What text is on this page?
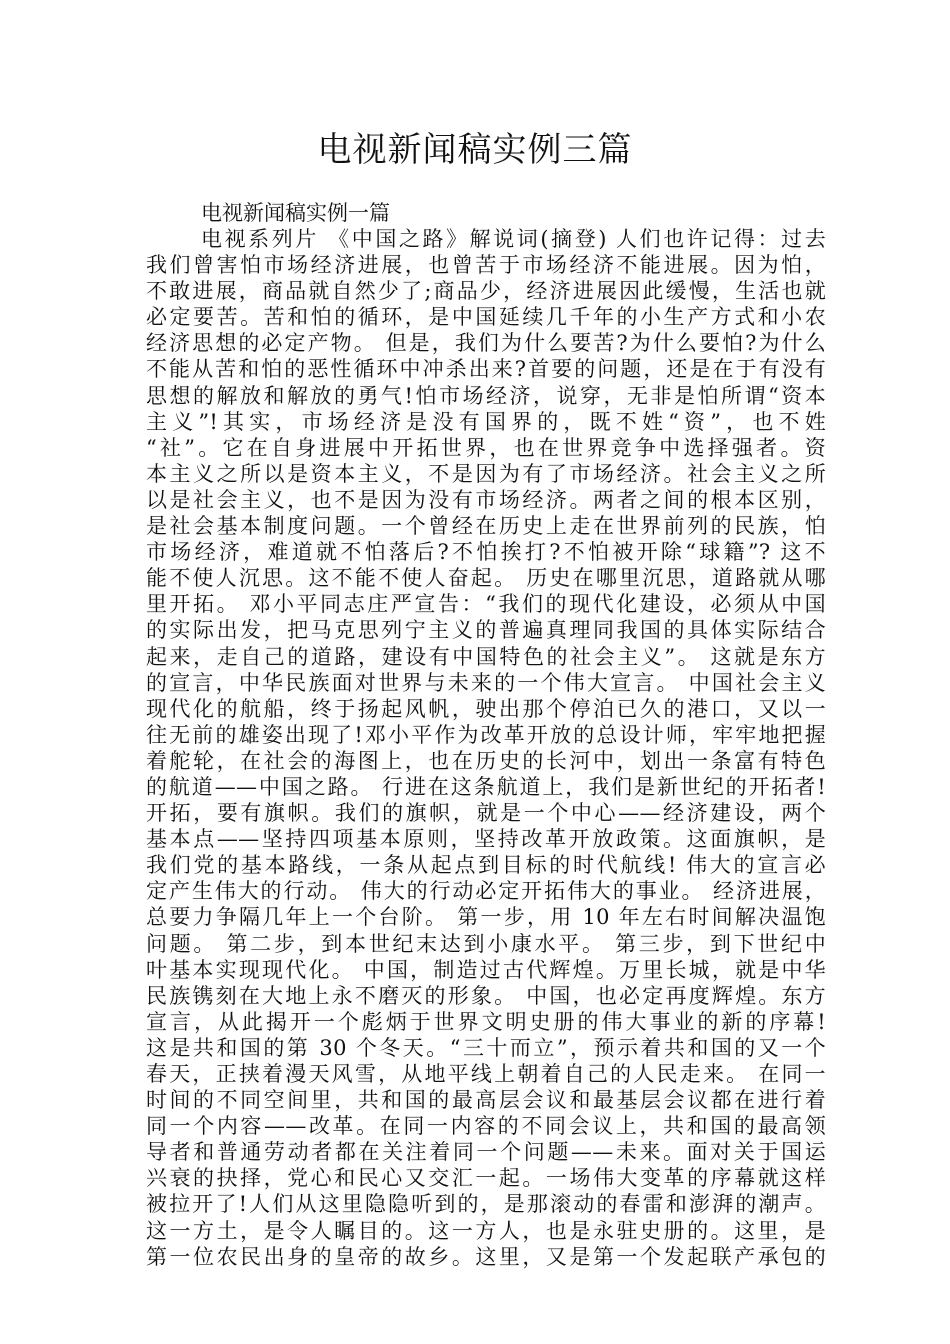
电视新闻稿实例三篇

电视新闻稿实例一篇

电视系列片 《中国之路》解说词(摘登) 人们也许记得：过去
我们曾害怕市场经济进展，也曾苦于市场经济不能进展。因为怕，
不敢进展，商品就自然少了;商品少，经济进展因此缓慢，生活也就
必定要苦。苦和怕的循环，是中国延续几千年的小生产方式和小农
经济思想的必定产物。 但是，我们为什么要苦?为什么要怕?为什么
不能从苦和怕的恶性循环中冲杀出来?首要的问题，还是在于有没有
思想的解放和解放的勇气!怕市场经济，说穿，无非是怕所谓“资本
主义”!其实，市场经济是没有国界的，既不姓“资”，也不姓
“社”。它在自身进展中开拓世界，也在世界竞争中选择强者。资
本主义之所以是资本主义，不是因为有了市场经济。社会主义之所
以是社会主义，也不是因为没有市场经济。两者之间的根本区别，
是社会基本制度问题。一个曾经在历史上走在世界前列的民族，怕
市场经济，难道就不怕落后?不怕挨打?不怕被开除“球籍”? 这不
能不使人沉思。这不能不使人奋起。 历史在哪里沉思，道路就从哪
里开拓。 邓小平同志庄严宣告：“我们的现代化建设，必须从中国
的实际出发，把马克思列宁主义的普遍真理同我国的具体实际结合
起来，走自己的道路，建设有中国特色的社会主义”。 这就是东方
的宣言，中华民族面对世界与未来的一个伟大宣言。 中国社会主义
现代化的航船，终于扬起风帆，驶出那个停泊已久的港口，又以一
往无前的雄姿出现了!邓小平作为改革开放的总设计师，牢牢地把握
着舵轮，在社会的海图上，也在历史的长河中，划出一条富有特色
的航道——中国之路。 行进在这条航道上，我们是新世纪的开拓者!
开拓，要有旗帜。我们的旗帜，就是一个中心——经济建设，两个
基本点——坚持四项基本原则，坚持改革开放政策。这面旗帜，是
我们党的基本路线，一条从起点到目标的时代航线! 伟大的宣言必
定产生伟大的行动。 伟大的行动必定开拓伟大的事业。 经济进展，
总要力争隔几年上一个台阶。 第一步，用 10 年左右时间解决温饱
问题。 第二步，到本世纪末达到小康水平。 第三步，到下世纪中
叶基本实现现代化。 中国，制造过古代辉煌。万里长城，就是中华
民族镌刻在大地上永不磨灭的形象。 中国，也必定再度辉煌。东方
宣言，从此揭开一个彪炳于世界文明史册的伟大事业的新的序幕!
这是共和国的第 30 个冬天。“三十而立”，预示着共和国的又一个
春天，正挟着漫天风雪，从地平线上朝着自己的人民走来。 在同一
时间的不同空间里，共和国的最高层会议和最基层会议都在进行着
同一个内容——改革。在同一内容的不同会议上，共和国的最高领
导者和普通劳动者都在关注着同一个问题——未来。面对关于国运
兴衰的抉择，党心和民心又交汇一起。一场伟大变革的序幕就这样
被拉开了!人们从这里隐隐听到的，是那滚动的春雷和澎湃的潮声。
这一方土，是令人瞩目的。这一方人，也是永驻史册的。这里，是
第一位农民出身的皇帝的故乡。这里，又是第一个发起联产承包的
